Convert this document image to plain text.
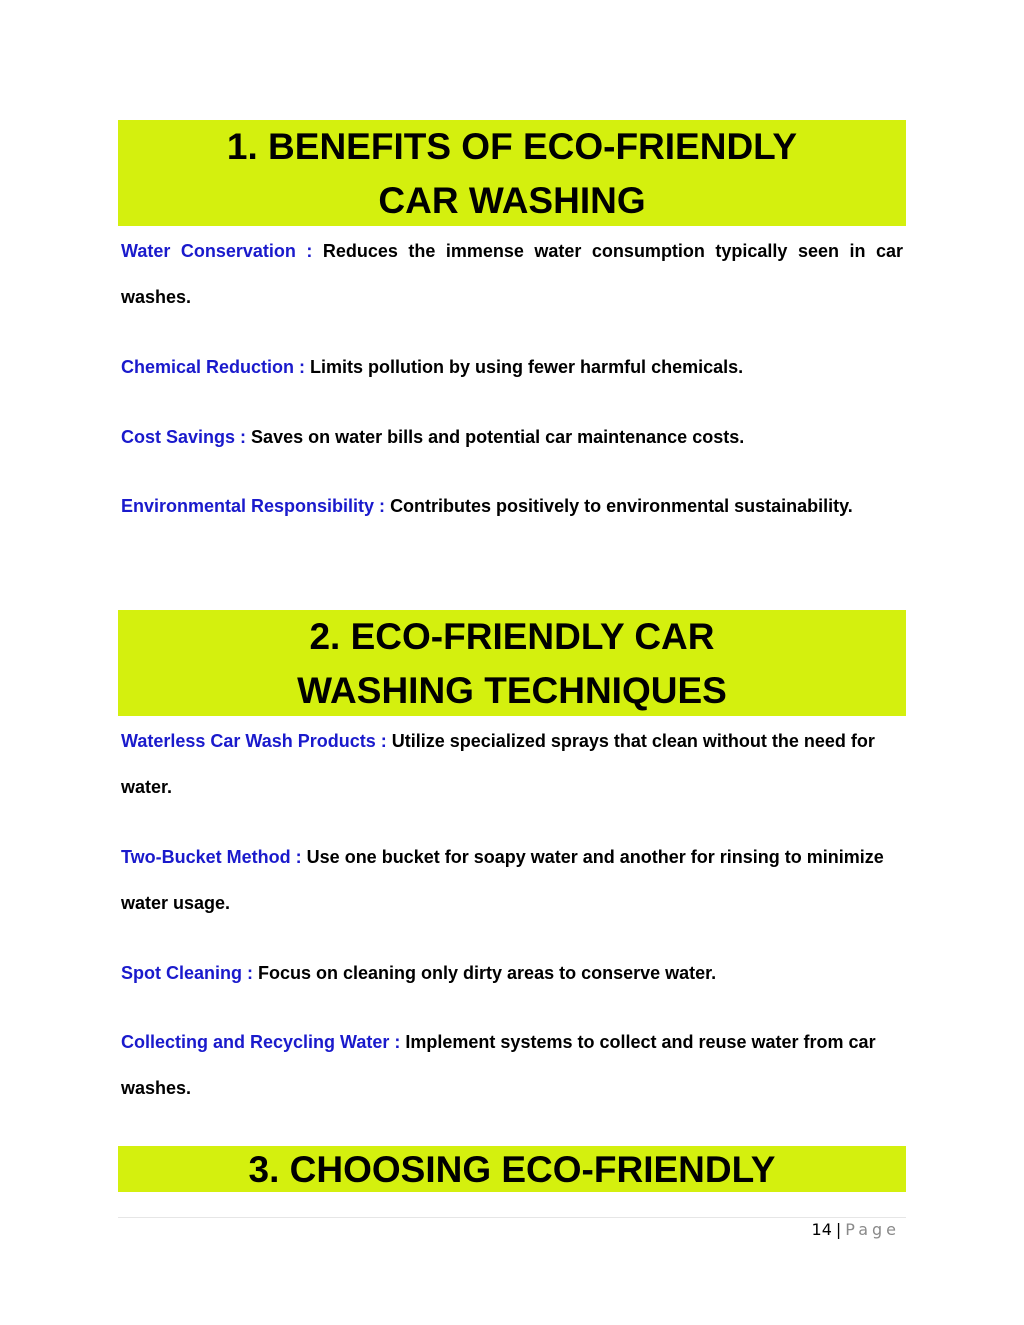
1. BENEFITS OF ECO-FRIENDLY
CAR WASHING
Water Conservation : Reduces the immense water consumption typically seen in car washes.
Chemical Reduction : Limits pollution by using fewer harmful chemicals.
Cost Savings : Saves on water bills and potential car maintenance costs.
Environmental Responsibility : Contributes positively to environmental sustainability.
2. ECO-FRIENDLY CAR
WASHING TECHNIQUES
Waterless Car Wash Products : Utilize specialized sprays that clean without the need for water.
Two-Bucket Method : Use one bucket for soapy water and another for rinsing to minimize water usage.
Spot Cleaning : Focus on cleaning only dirty areas to conserve water.
Collecting and Recycling Water : Implement systems to collect and reuse water from car washes.
3. CHOOSING ECO-FRIENDLY
14 | Page
